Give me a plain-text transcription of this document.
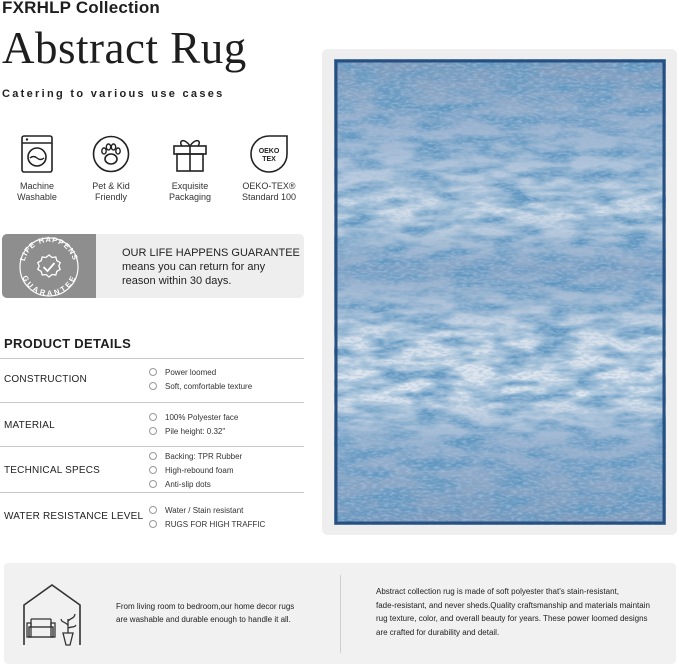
FXRHLP Collection
Abstract Rug
Catering to various use cases
Machine
Washable
Pet & Kid
Friendly
Exquisite
Packaging
OEKO
TEX
OEKO-TEX®
Standard 100
LIFE HAPPENS
GUARANTEE
OUR LIFE HAPPENS GUARANTEE
means you can return for any
reason within 30 days.
PRODUCT DETAILS
CONSTRUCTION
Power loomed
Soft, comfortable texture
MATERIAL
100% Polyester face
Pile height: 0.32"
TECHNICAL SPECS
Backing: TPR Rubber
High-rebound foam
Anti-slip dots
WATER RESISTANCE LEVEL
Water / Stain resistant
RUGS FOR HIGH TRAFFIC
From living room to bedroom,our home decor rugs
are washable and durable enough to handle it all.
Abstract collection rug is made of soft polyester that's stain-resistant,
fade-resistant, and never sheds.Quality craftsmanship and materials maintain
rug texture, color, and overall beauty for years. These power loomed designs
are crafted for durability and detail.
